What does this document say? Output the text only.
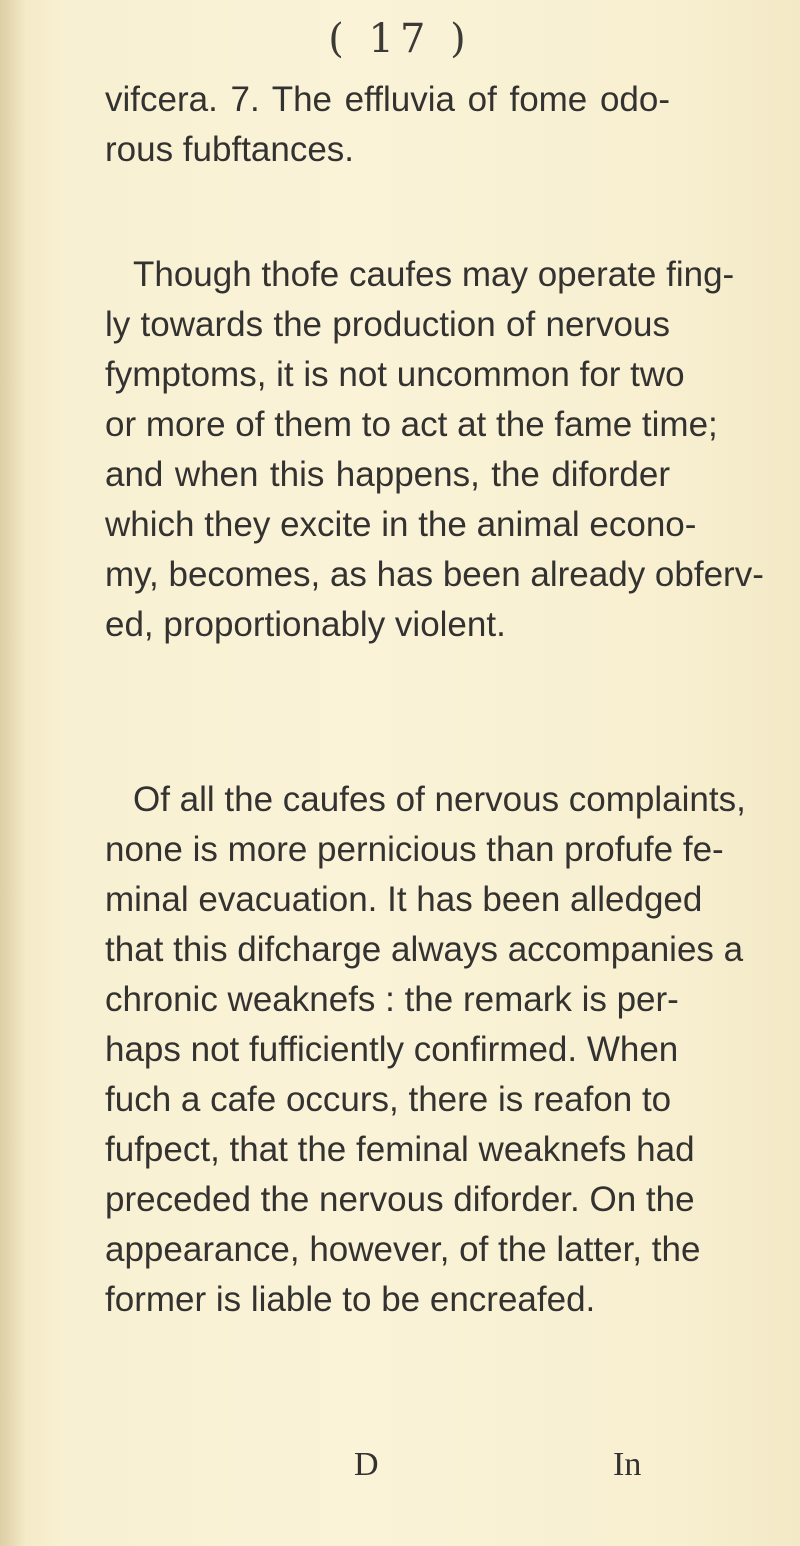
( 17 )
vifcera. 7. The effluvia of fome odo-
rous fubftances.
Though thofe caufes may operate fing-
ly towards the production of nervous
fymptoms, it is not uncommon for two
or more of them to act at the fame time;
and when this happens, the diforder
which they excite in the animal econo-
my, becomes, as has been already obferv-
ed, proportionably violent.
Of all the caufes of nervous complaints,
none is more pernicious than profufe fe-
minal evacuation. It has been alledged
that this difcharge always accompanies a
chronic weaknefs : the remark is per-
haps not fufficiently confirmed. When
fuch a cafe occurs, there is reafon to
fufpect, that the feminal weaknefs had
preceded the nervous diforder. On the
appearance, however, of the latter, the
former is liable to be encreafed.
D	In
